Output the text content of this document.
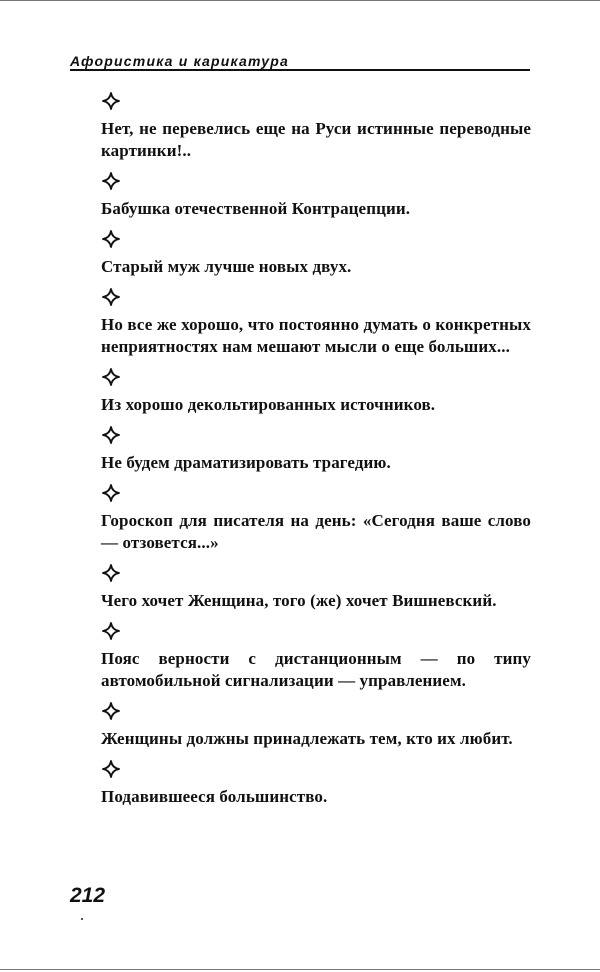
Афористика и карикатура

Нет, не перевелись еще на Руси истинные переводные картинки!..

Бабушка отечественной Контрацепции.

Старый муж лучше новых двух.

Но все же хорошо, что постоянно думать о конкретных неприятностях нам мешают мысли о еще больших...

Из хорошо декольтированных источников.

Не будем драматизировать трагедию.

Гороскоп для писателя на день: «Сегодня ваше слово — отзовется...»

Чего хочет Женщина, того (же) хочет Вишневский.

Пояс верности с дистанционным — по типу автомобильной сигнализации — управлением.

Женщины должны принадлежать тем, кто их любит.

Подавившееся большинство.

212
